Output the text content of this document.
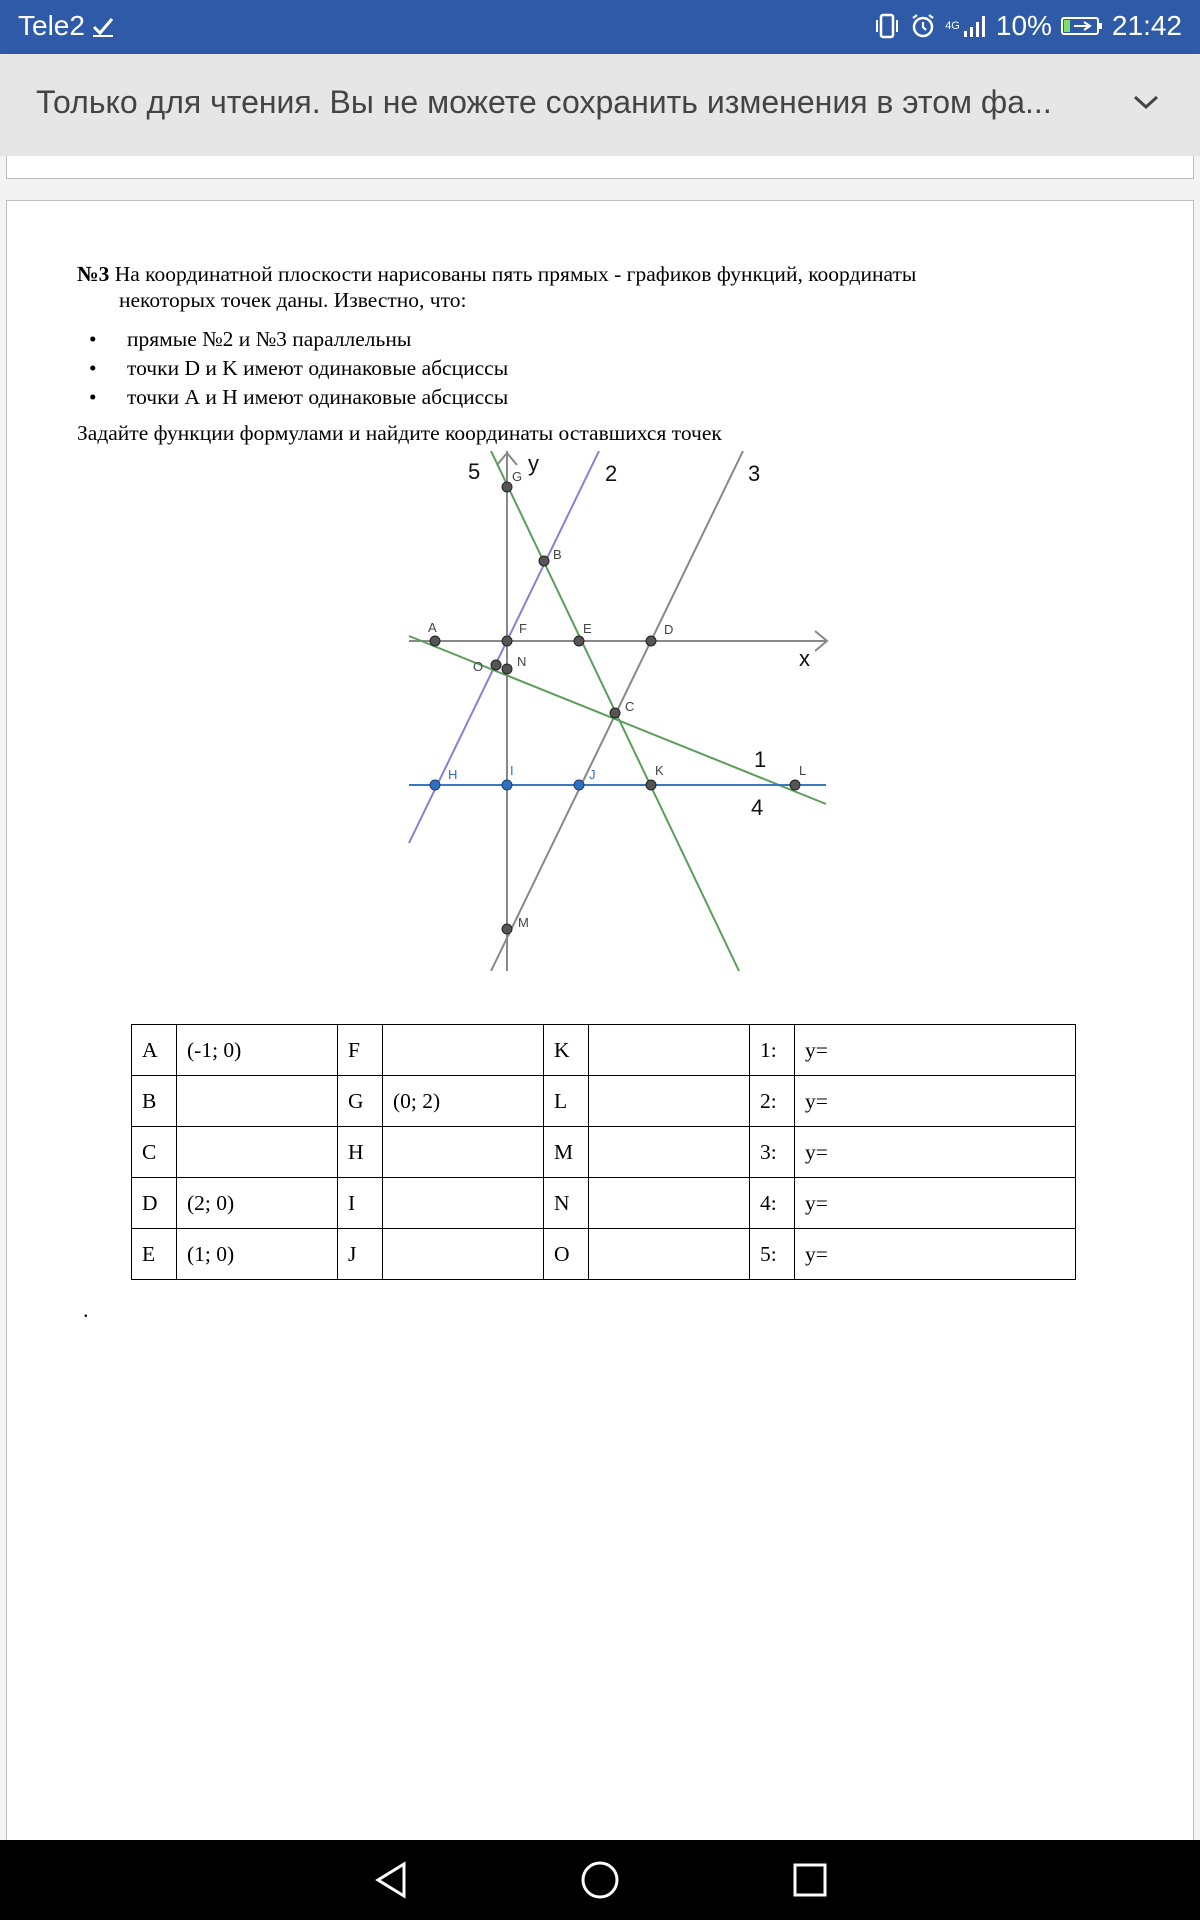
Tele2	4G 10% 21:42
Только для чтения. Вы не можете сохранить изменения в этом фа...
№3 На координатной плоскости нарисованы пять прямых - графиков функций, координаты
некоторых точек даны. Известно, что:
• прямые №2 и №3 параллельны
• точки D и K имеют одинаковые абсциссы
• точки А и H имеют одинаковые абсциссы
Задайте функции формулами и найдите координаты оставшихся точек
5	2	3
1
4
y
x
G
B
A	F	E	D
O	N
C
H	I	J	K	L
M
A	(-1; 0)	F		K		1:	y=
B		G	(0; 2)	L		2:	y=
C		H		M		3:	y=
D	(2; 0)	I		N		4:	y=
E	(1; 0)	J		O		5:	y=
.
